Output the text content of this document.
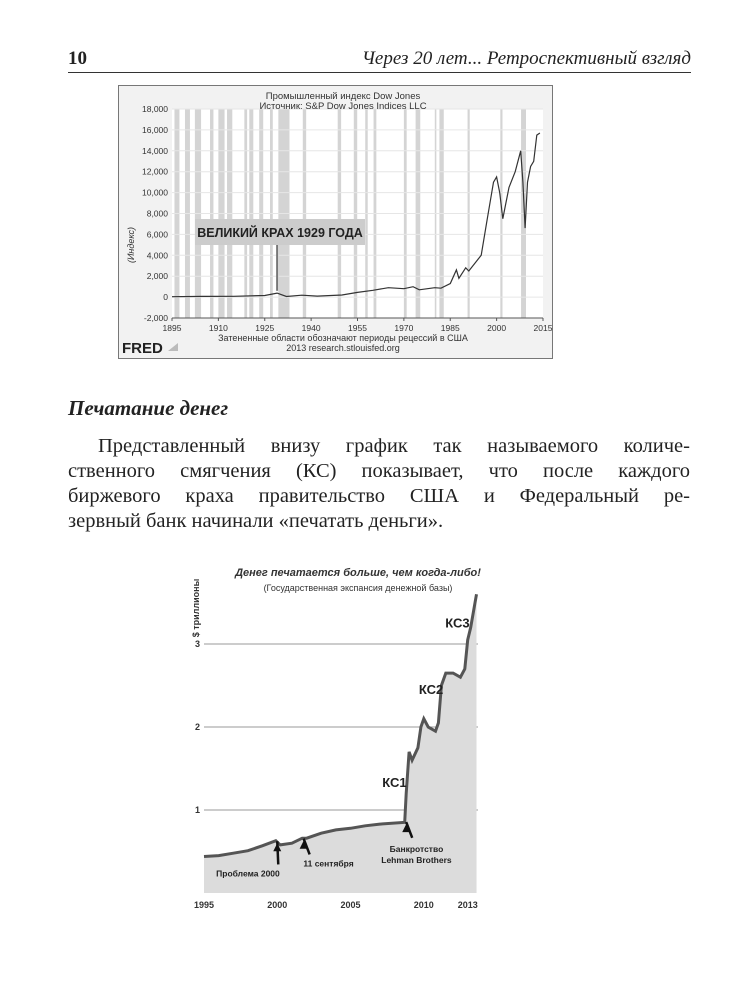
10	Через 20 лет... Ретроспективный взгляд
-2,000
0
2,000
4,000
6,000
8,000
10,000
12,000
14,000
16,000
18,000
1895	1910	1925	1940	1955	1970	1985	2000	2015
Промышленный индекс Dow Jones
Источник: S&P Dow Jones Indices LLC
(Индекс)	ВЕЛИКИЙ КРАХ 1929 ГОДА
Затененные области обозначают периоды рецессий в США
2013 research.stlouisfed.org
FRED
Печатание денег
Представленный внизу график так называемого количе-
ственного смягчения (КС) показывает, что после каждого
биржевого краха правительство США и Федеральный ре-
зервный банк начинали «печатать деньги».
1
2
3
1995	2000	2005	2010	2013
КС1
КС2
КС3
Проблема 2000
11 сентября
Банкротство
Lehman Brothers
Денег печатается больше, чем когда-либо!
(Государственная экспансия денежной базы)
$ триллионы
